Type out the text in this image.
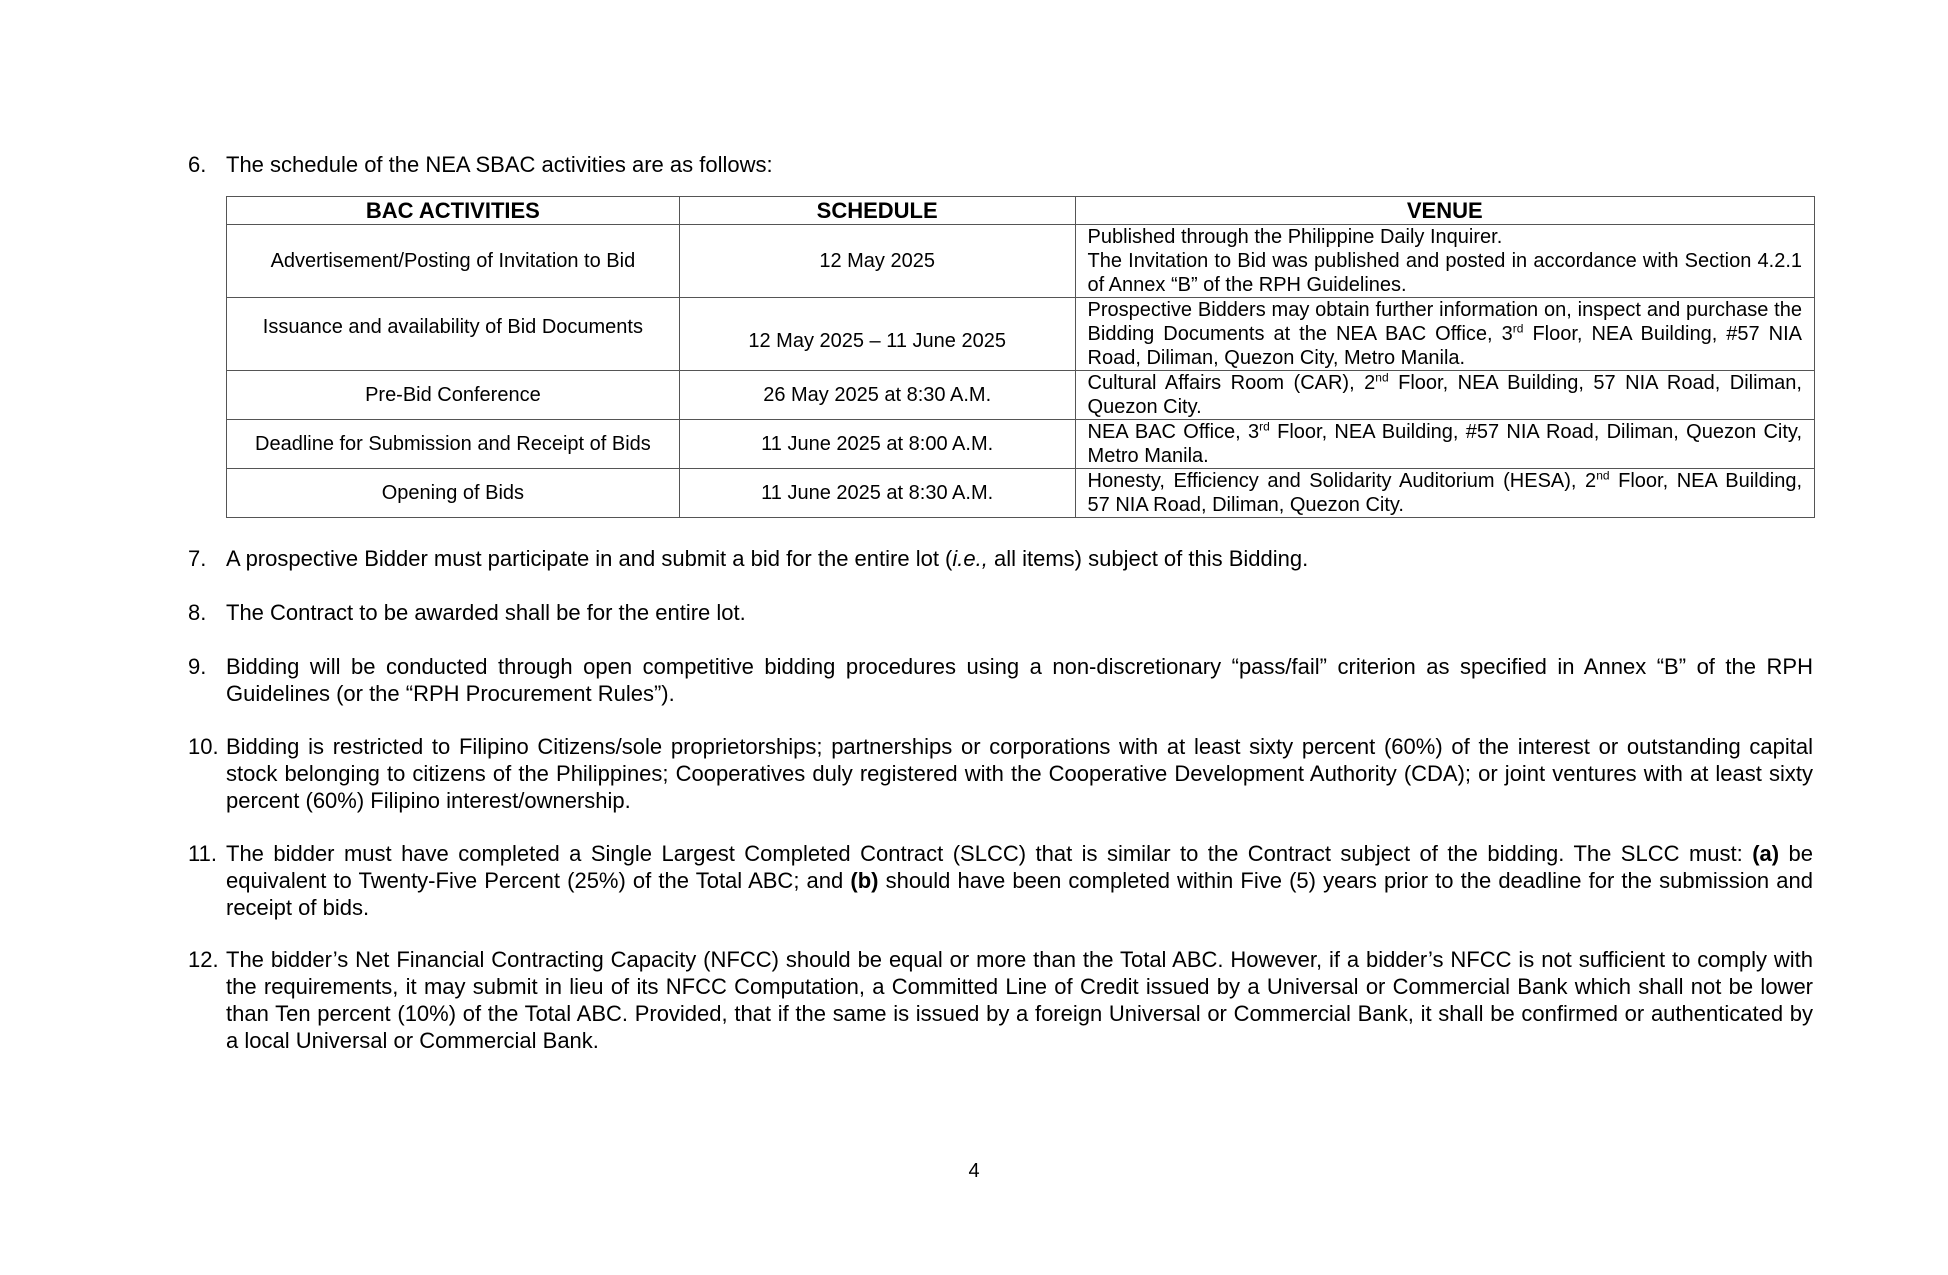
6. The schedule of the NEA SBAC activities are as follows:
BAC ACTIVITIES	SCHEDULE	VENUE
Advertisement/Posting of Invitation to Bid	12 May 2025	Published through the Philippine Daily Inquirer.
The Invitation to Bid was published and posted in accordance with Section 4.2.1 of Annex “B” of the RPH Guidelines.

Issuance and availability of Bid Documents	12 May 2025 – 11 June 2025	Prospective Bidders may obtain further information on, inspect and purchase the Bidding Documents at the NEA BAC Office, 3rd Floor, NEA Building, #57 NIA Road, Diliman, Quezon City, Metro Manila.
Pre-Bid Conference	26 May 2025 at 8:30 A.M.	Cultural Affairs Room (CAR), 2nd Floor, NEA Building, 57 NIA Road, Diliman, Quezon City.
Deadline for Submission and Receipt of Bids	11 June 2025 at 8:00 A.M.	NEA BAC Office, 3rd Floor, NEA Building, #57 NIA Road, Diliman, Quezon City, Metro Manila.
Opening of Bids	11 June 2025 at 8:30 A.M.	Honesty, Efficiency and Solidarity Auditorium (HESA), 2nd Floor, NEA Building, 57 NIA Road, Diliman, Quezon City.
7. A prospective Bidder must participate in and submit a bid for the entire lot (i.e., all items) subject of this Bidding.
8. The Contract to be awarded shall be for the entire lot.
9. Bidding will be conducted through open competitive bidding procedures using a non-discretionary “pass/fail” criterion as specified in Annex “B” of the RPH Guidelines (or the “RPH Procurement Rules”).
10. Bidding is restricted to Filipino Citizens/sole proprietorships; partnerships or corporations with at least sixty percent (60%) of the interest or outstanding capital stock belonging to citizens of the Philippines; Cooperatives duly registered with the Cooperative Development Authority (CDA); or joint ventures with at least sixty percent (60%) Filipino interest/ownership.
11. The bidder must have completed a Single Largest Completed Contract (SLCC) that is similar to the Contract subject of the bidding. The SLCC must: (a) be equivalent to Twenty-Five Percent (25%) of the Total ABC; and (b) should have been completed within Five (5) years prior to the deadline for the submission and receipt of bids.
12. The bidder’s Net Financial Contracting Capacity (NFCC) should be equal or more than the Total ABC. However, if a bidder’s NFCC is not sufficient to comply with the requirements, it may submit in lieu of its NFCC Computation, a Committed Line of Credit issued by a Universal or Commercial Bank which shall not be lower than Ten percent (10%) of the Total ABC. Provided, that if the same is issued by a foreign Universal or Commercial Bank, it shall be confirmed or authenticated by a local Universal or Commercial Bank.
4
